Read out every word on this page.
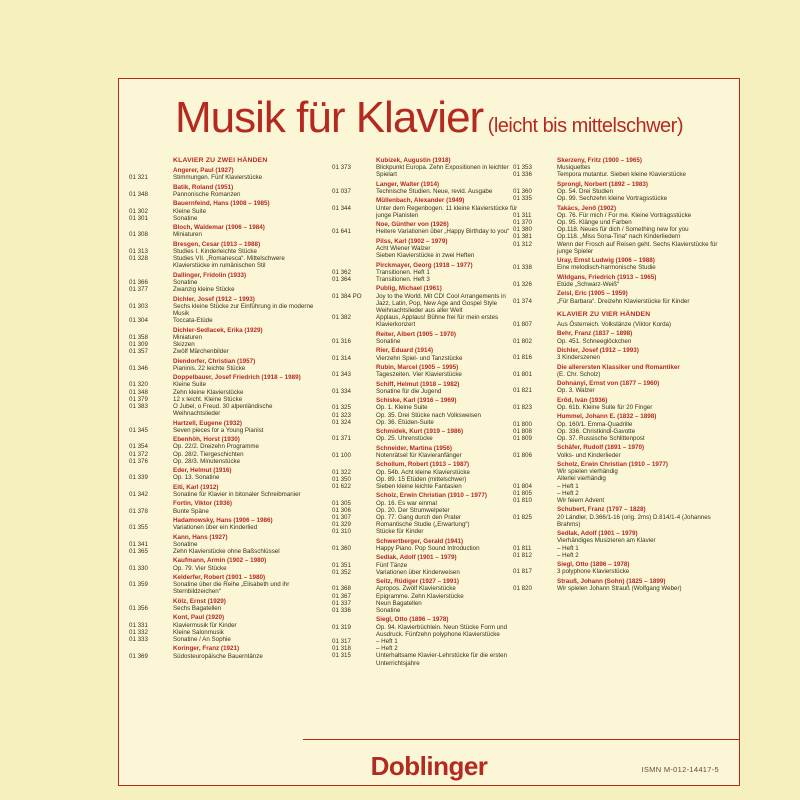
Musik für Klavier (leicht bis mittelschwer)
KLAVIER ZU ZWEI HÄNDEN
Angerer, Paul (1927)
01 321	Stimmungen. Fünf Klavierstücke
Batik, Roland (1951)
01 348	Pannonische Romanzen
Bauernfeind, Hans (1908 – 1985)
01 302	Kleine Suite
01 301	Sonatine
Bloch, Waldemar (1906 – 1984)
01 308	Miniaturen
Bresgen, Cesar (1913 – 1988)
01 313	Studies I. Kinderleichte Stücke
01 328	Studies VII. „Romanesca“. Mittelschwere Klavierstücke im rumänischen Stil
Dallinger, Fridolin (1933)
01 366	Sonatine
01 377	Zwanzig kleine Stücke
Dichler, Josef (1912 – 1993)
01 303	Sechs kleine Stücke zur Einführung in die moderne Musik
01 304	Toccata-Etüde
Dichler-Sedlacek, Erika (1929)
01 358	Miniaturen
01 309	Skizzen
01 357	Zwölf Märchenbilder
Diendorfer, Christian (1957)
01 346	Pianinis. 22 leichte Stücke
Doppelbauer, Josef Friedrich (1918 – 1989)
01 320	Kleine Suite
01 348	Zehn kleine Klavierstücke
01 379	12 x leicht. Kleine Stücke
01 383	O Jubel, o Freud. 30 alpenländische Weihnachtslieder
Hartzell, Eugene (1932)
01 345	Seven pieces for a Young Pianist
Ebenhöh, Horst (1930)
01 354	Op. 22/2. Dreizehn Programme
01 372	Op. 28/2. Tiergeschichten
01 376	Op. 28/3. Minutenstücke
Eder, Helmut (1916)
01 339	Op. 13. Sonatine
Eiti, Karl (1912)
01 342	Sonatine für Klavier in bitonaler Schreibmanier
Fortin, Viktor (1936)
01 378	Bunte Späne
Hadamowsky, Hans (1906 – 1986)
01 355	Variationen über ein Kinderlied
Kann, Hans (1927)
01 341	Sonatine
01 365	Zehn Klavierstücke ohne Baßschlüssel
Kaufmann, Armin (1902 – 1980)
01 330	Op. 79. Vier Stücke
Kelderfer, Robert (1901 – 1980)
01 359	Sonatine über die Reihe „Elisabeth und ihr Sternbildzeichen“
Kölz, Ernst (1929)
01 356	Sechs Bagatellen
Kont, Paul (1920)
01 331	Klaviermusik für Kinder
01 332	Kleine Salonmusik
01 333	Sonatine / An Sophie
Koringer, Franz (1921)
01 369	Südosteuropäische Bauerntänze
Kubizek, Augustin (1918)
01 373	Blickpunkt Europa. Zehn Expositionen in leichter Spielart
Langer, Walter (1914)
01 037	Technische Studien. Neue, revid. Ausgabe
Müllenbach, Alexander (1949)
01 344	Unter dem Regenbogen. 11 kleine Klavierstücke für junge Pianisten
Noe, Günther von (1926)
01 641	Heitere Variationen über „Happy Birthday to you“
Pilss, Karl (1902 – 1979)
Acht Wiener Walzer
Sieben Klavierstücke in zwei Heften
Pirckmayer, Georg (1918 – 1977)
01 362	Transitionen. Heft 1
01 364	Transitionen. Heft 3
Publig, Michael (1961)
01 384 PO	Joy to the World. Mit CD! Cool Arrangements in Jazz, Latin, Pop, New Age and Gospel Style Weihnachtslieder aus aller Welt
01 382	Applaus, Applaus! Bühne frei für mein erstes Klavierkonzert
Reiter, Albert (1905 – 1970)
01 316	Sonatine
Rier, Eduard (1914)
01 314	Vierzehn Spiel- und Tanzstücke
Rubin, Marcel (1905 – 1995)
01 343	Tageszeiten. Vier Klavierstücke
Schiff, Helmut (1918 – 1982)
01 334	Sonatine für die Jugend
Schiske, Karl (1916 – 1969)
01 325	Op. 1. Kleine Suite
01 323	Op. 35. Drei Stücke nach Volksweisen
01 324	Op. 36. Etüden-Suite
Schmidek, Kurt (1919 – 1986)
01 371	Op. 25. Uhrenstücke
Schneider, Martina (1956)
01 100	Notenrätsel für Klavieranfänger
Schollum, Robert (1913 – 1987)
01 322	Op. 54b. Acht kleine Klavierstücke
01 350	Op. 89. 15 Etüden (mittelschwer)
01 622	Sieben kleine leichte Fantasien
Scholz, Erwin Christian (1910 – 1977)
01 305	Op. 16. Es war einmal
01 306	Op. 20. Der Strumwelpeter
01 307	Op. 77. Gang durch den Prater
01 329	Romantische Studie („Erwartung“)
01 310	Stücke für Kinder
Schwertberger, Gerald (1941)
01 360	Happy Piano. Pop Sound Introduction
Sedlak, Adolf (1901 – 1979)
01 351	Fünf Tänze
01 352	Variationen über Kinderweisen
Seitz, Rüdiger (1927 – 1991)
01 368	Apropos. Zwölf Klavierstücke
01 367	Epigramme. Zehn Klavierstücke
01 337	Neun Bagatellen
01 336	Sonatine
Siegl, Otto (1896 – 1978)
01 319	Op. 94. Klavierbüchlein. Neun Stücke Form und Ausdruck. Fünfzehn polyphone Klavierstücke
01 317	– Heft 1
01 318	– Heft 2
01 315	Unterhaltsame Klavier-Lehrstücke für die ersten Unterrichtsjahre
Skerzeny, Fritz (1900 – 1965)
01 353	Musiquettes
01 336	Tempora mutantur. Sieben kleine Klavierstücke
Sprongl, Norbert (1892 – 1983)
01 360	Op. 54. Drei Studien
01 335	Op. 99. Sechzehn kleine Vortragsstücke
Takács, Jenő (1902)
01 311	Op. 76. Für mich / For me. Kleine Vortragsstücke
01 370	Op. 95. Klänge und Farben
01 380	Op.118. Neues für dich / Something new for you
01 381	Op.118. „Miss Sona-Tina“ nach Kinderliedern
01 312	Wenn der Frosch auf Reisen geht. Sechs Klavierstücke für junge Spieler
Uray, Ernst Ludwig (1906 – 1988)
01 338	Eine melodisch-harmonische Studie
Wildgans, Friedrich (1913 – 1965)
01 326	Etüde „Schwarz-Weiß“
Zeisl, Eric (1905 – 1959)
01 374	„Für Barbara“. Dreizehn Klavierstücke für Kinder
KLAVIER ZU VIER HÄNDEN
01 807	Aus Österreich. Volkstänze (Viktor Korda)
Behr, Franz (1837 – 1898)
01 802	Op. 451. Schneeglöckchen
Dichler, Josef (1912 – 1993)
01 816	3 Kinderszenen
Die allerersten Klassiker und Romantiker
01 801	(E. Chr. Scholz)
Dohnányi, Ernst von (1877 – 1960)
01 821	Op. 3. Walzer
Erőd, Iván (1936)
01 823	Op. 61b. Kleine Suite für 20 Finger
Hummel, Johann E. (1832 – 1898)
01 800	Op. 160/1. Emma-Quadrille
01 808	Op. 336. Christkindl-Gavotte
01 809	Op. 37. Russische Schlittenpost
Schäfer, Rudolf (1891 – 1970)
01 806	Volks- und Kinderlieder
Scholz, Erwin Christian (1910 – 1977)
Wir spielen vierhändig
Allerlei vierhändig
01 804	– Heft 1
01 805	– Heft 2
01 810	Wir feiern Advent
Schubert, Franz (1797 – 1828)
01 825	20 Ländler, D.366/1-16 (orig. 2ms) D.814/1-4 (Johannes Brahms)
Sedlak, Adolf (1901 – 1979)
Vierhändiges Musizieren am Klavier
01 811	– Heft 1
01 812	– Heft 2
Siegl, Otto (1896 – 1978)
01 817	3 polyphone Klavierstücke
Strauß, Johann (Sohn) (1825 – 1899)
01 820	Wir spielen Johann Strauß (Wolfgang Weber)
Doblinger	ISMN M-012-14417-5
